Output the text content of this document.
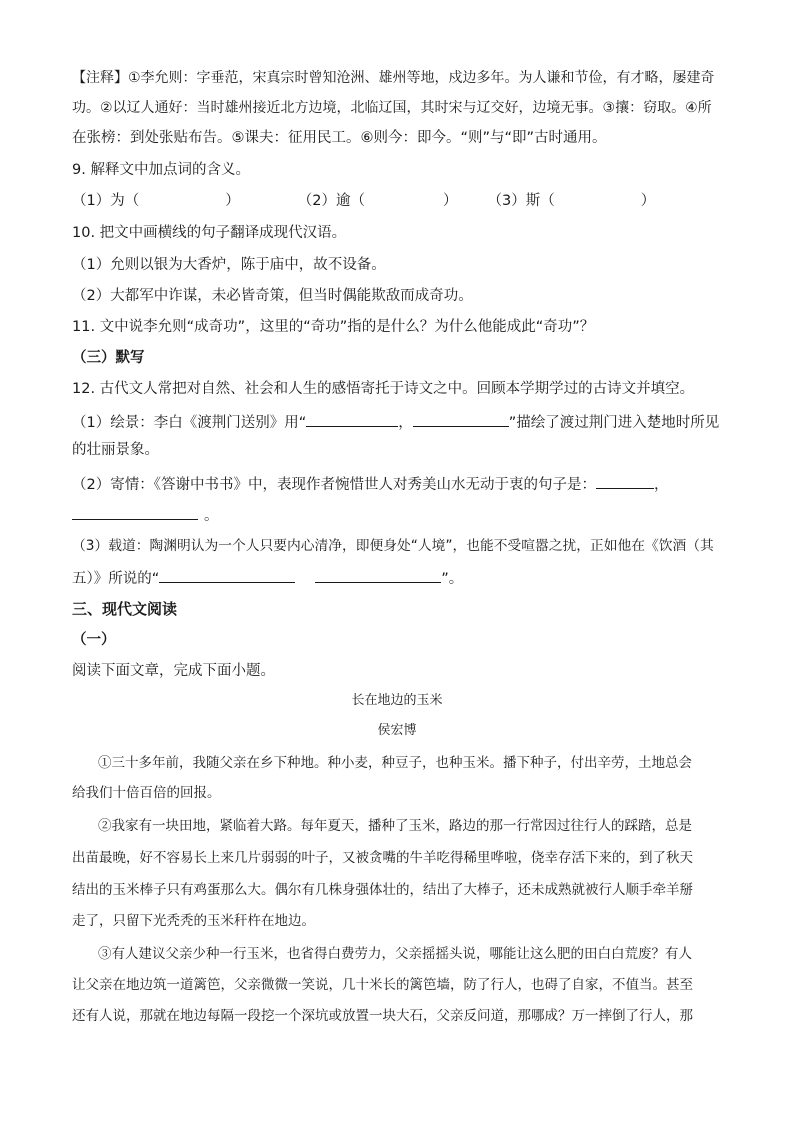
【注释】①李允则：字垂范，宋真宗时曾知沧洲、雄州等地，戍边多年。为人谦和节俭，有才略，屡建奇
功。②以辽人通好：当时雄州接近北方边境，北临辽国，其时宋与辽交好，边境无事。③攘：窃取。④所
在张榜：到处张贴布告。⑤课夫：征用民工。⑥则今：即今。“则”与“即”古时通用。
9. 解释文中加点词的含义。
（1）为（	）	（2）逾（	） （3）斯（	）
10. 把文中画横线的句子翻译成现代汉语。
（1）允则以银为大香炉，陈于庙中，故不设备。
（2）大都军中诈谋，未必皆奇策，但当时偶能欺敌而成奇功。
11. 文中说李允则“成奇功”，这里的“奇功”指的是什么？为什么他能成此“奇功”？
（三）默写
12. 古代文人常把对自然、社会和人生的感悟寄托于诗文之中。回顾本学期学过的古诗文并填空。
（1）绘景：李白《渡荆门送别》用“	，	”描绘了渡过荆门进入楚地时所见
的壮丽景象。
（2）寄情：《答谢中书书》中，表现作者惋惜世人对秀美山水无动于衷的句子是：	，
。
（3）载道：陶渊明认为一个人只要内心清净，即便身处“人境”，也能不受喧嚣之扰，正如他在《饮酒（其
五）》所说的“	”。
三、现代文阅读
（一）
阅读下面文章，完成下面小题。
长在地边的玉米
侯宏博
①三十多年前，我随父亲在乡下种地。种小麦，种豆子，也种玉米。播下种子，付出辛劳，土地总会
给我们十倍百倍的回报。
②我家有一块田地，紧临着大路。每年夏天，播种了玉米，路边的那一行常因过往行人的踩踏，总是
出苗最晚，好不容易长上来几片弱弱的叶子，又被贪嘴的牛羊吃得稀里哗啦，侥幸存活下来的，到了秋天
结出的玉米棒子只有鸡蛋那么大。偶尔有几株身强体壮的，结出了大棒子，还未成熟就被行人顺手牵羊掰
走了，只留下光秃秃的玉米秆杵在地边。
③有人建议父亲少种一行玉米，也省得白费劳力，父亲摇摇头说，哪能让这么肥的田白白荒废？有人
让父亲在地边筑一道篱笆，父亲微微一笑说，几十米长的篱笆墙，防了行人，也碍了自家，不值当。甚至
还有人说，那就在地边每隔一段挖一个深坑或放置一块大石，父亲反问道，那哪成？万一摔倒了行人，那
